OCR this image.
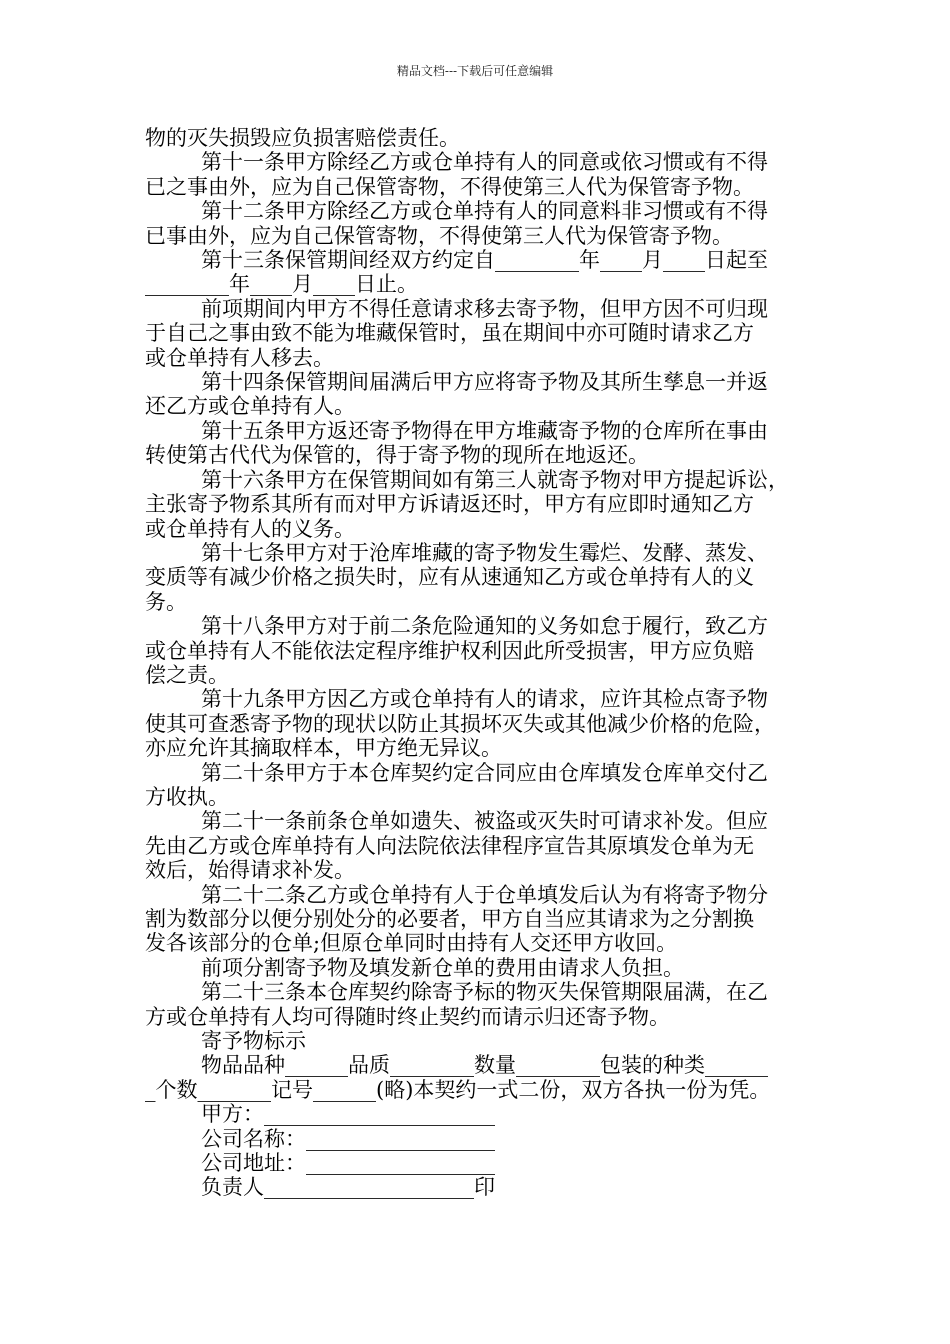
精品文档---下载后可任意编辑

物的灭失损毁应负损害赔偿责任。

第十一条甲方除经乙方或仓单持有人的同意或依习惯或有不得

已之事由外，应为自己保管寄物，不得使第三人代为保管寄予物。

第十二条甲方除经乙方或仓单持有人的同意料非习惯或有不得

已事由外，应为自己保管寄物，不得使第三人代为保管寄予物。

第十三条保管期间经双方约定自________年____月____日起至

________年____月____日止。

前项期间内甲方不得任意请求移去寄予物，但甲方因不可归现

于自己之事由致不能为堆藏保管时，虽在期间中亦可随时请求乙方

或仓单持有人移去。

第十四条保管期间届满后甲方应将寄予物及其所生孳息一并返

还乙方或仓单持有人。

第十五条甲方返还寄予物得在甲方堆藏寄予物的仓库所在事由

转使第古代代为保管的，得于寄予物的现所在地返还。

第十六条甲方在保管期间如有第三人就寄予物对甲方提起诉讼，

主张寄予物系其所有而对甲方诉请返还时，甲方有应即时通知乙方

或仓单持有人的义务。

第十七条甲方对于沧库堆藏的寄予物发生霉烂、发酵、蒸发、

变质等有减少价格之损失时，应有从速通知乙方或仓单持有人的义

务。

第十八条甲方对于前二条危险通知的义务如怠于履行，致乙方

或仓单持有人不能依法定程序维护权利因此所受损害，甲方应负赔

偿之责。

第十九条甲方因乙方或仓单持有人的请求，应许其检点寄予物

使其可查悉寄予物的现状以防止其损坏灭失或其他减少价格的危险，

亦应允许其摘取样本，甲方绝无异议。

第二十条甲方于本仓库契约定合同应由仓库填发仓库单交付乙

方收执。

第二十一条前条仓单如遗失、被盗或灭失时可请求补发。但应

先由乙方或仓库单持有人向法院依法律程序宣告其原填发仓单为无

效后，始得请求补发。

第二十二条乙方或仓单持有人于仓单填发后认为有将寄予物分

割为数部分以便分别处分的必要者，甲方自当应其请求为之分割换

发各该部分的仓单;但原仓单同时由持有人交还甲方收回。

前项分割寄予物及填发新仓单的费用由请求人负担。

第二十三条本仓库契约除寄予标的物灭失保管期限届满，在乙

方或仓单持有人均可得随时终止契约而请示归还寄予物。

寄予物标示

物品品种______品质________数量________包装的种类______

_个数_______记号______(略)本契约一式二份，双方各执一份为凭。

甲方：______________________

公司名称：__________________

公司地址：__________________

负责人____________________印
